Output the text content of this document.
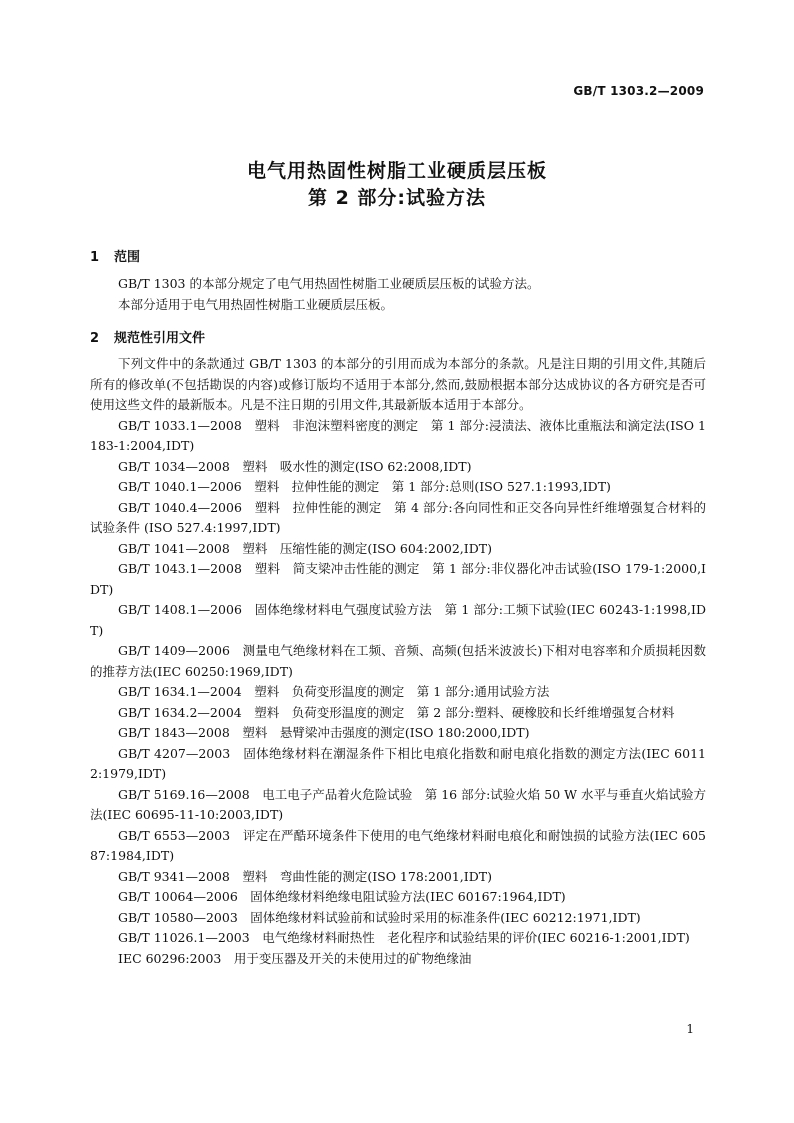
GB/T 1303.2—2009
电气用热固性树脂工业硬质层压板
第 2 部分:试验方法
1 范围
GB/T 1303 的本部分规定了电气用热固性树脂工业硬质层压板的试验方法。
本部分适用于电气用热固性树脂工业硬质层压板。
2 规范性引用文件
下列文件中的条款通过 GB/T 1303 的本部分的引用而成为本部分的条款。凡是注日期的引用文件,其随后所有的修改单(不包括勘误的内容)或修订版均不适用于本部分,然而,鼓励根据本部分达成协议的各方研究是否可使用这些文件的最新版本。凡是不注日期的引用文件,其最新版本适用于本部分。
GB/T 1033.1—2008　塑料　非泡沫塑料密度的测定　第 1 部分:浸渍法、液体比重瓶法和滴定法(ISO 1183-1:2004,IDT)
GB/T 1034—2008　塑料　吸水性的测定(ISO 62:2008,IDT)
GB/T 1040.1—2006　塑料　拉伸性能的测定　第 1 部分:总则(ISO 527.1:1993,IDT)
GB/T 1040.4—2006　塑料　拉伸性能的测定　第 4 部分:各向同性和正交各向异性纤维增强复合材料的试验条件 (ISO 527.4:1997,IDT)
GB/T 1041—2008　塑料　压缩性能的测定(ISO 604:2002,IDT)
GB/T 1043.1—2008　塑料　简支梁冲击性能的测定　第 1 部分:非仪器化冲击试验(ISO 179-1:2000,IDT)
GB/T 1408.1—2006　固体绝缘材料电气强度试验方法　第 1 部分:工频下试验(IEC 60243-1:1998,IDT)
GB/T 1409—2006　测量电气绝缘材料在工频、音频、高频(包括米波波长)下相对电容率和介质损耗因数的推荐方法(IEC 60250:1969,IDT)
GB/T 1634.1—2004　塑料　负荷变形温度的测定　第 1 部分:通用试验方法
GB/T 1634.2—2004　塑料　负荷变形温度的测定　第 2 部分:塑料、硬橡胶和长纤维增强复合材料
GB/T 1843—2008　塑料　悬臂梁冲击强度的测定(ISO 180:2000,IDT)
GB/T 4207—2003　固体绝缘材料在潮湿条件下相比电痕化指数和耐电痕化指数的测定方法(IEC 60112:1979,IDT)
GB/T 5169.16—2008　电工电子产品着火危险试验　第 16 部分:试验火焰 50 W 水平与垂直火焰试验方法(IEC 60695-11-10:2003,IDT)
GB/T 6553—2003　评定在严酷环境条件下使用的电气绝缘材料耐电痕化和耐蚀损的试验方法(IEC 60587:1984,IDT)
GB/T 9341—2008　塑料　弯曲性能的测定(ISO 178:2001,IDT)
GB/T 10064—2006　固体绝缘材料绝缘电阻试验方法(IEC 60167:1964,IDT)
GB/T 10580—2003　固体绝缘材料试验前和试验时采用的标准条件(IEC 60212:1971,IDT)
GB/T 11026.1—2003　电气绝缘材料耐热性　老化程序和试验结果的评价(IEC 60216-1:2001,IDT)
IEC 60296:2003　用于变压器及开关的未使用过的矿物绝缘油
1
